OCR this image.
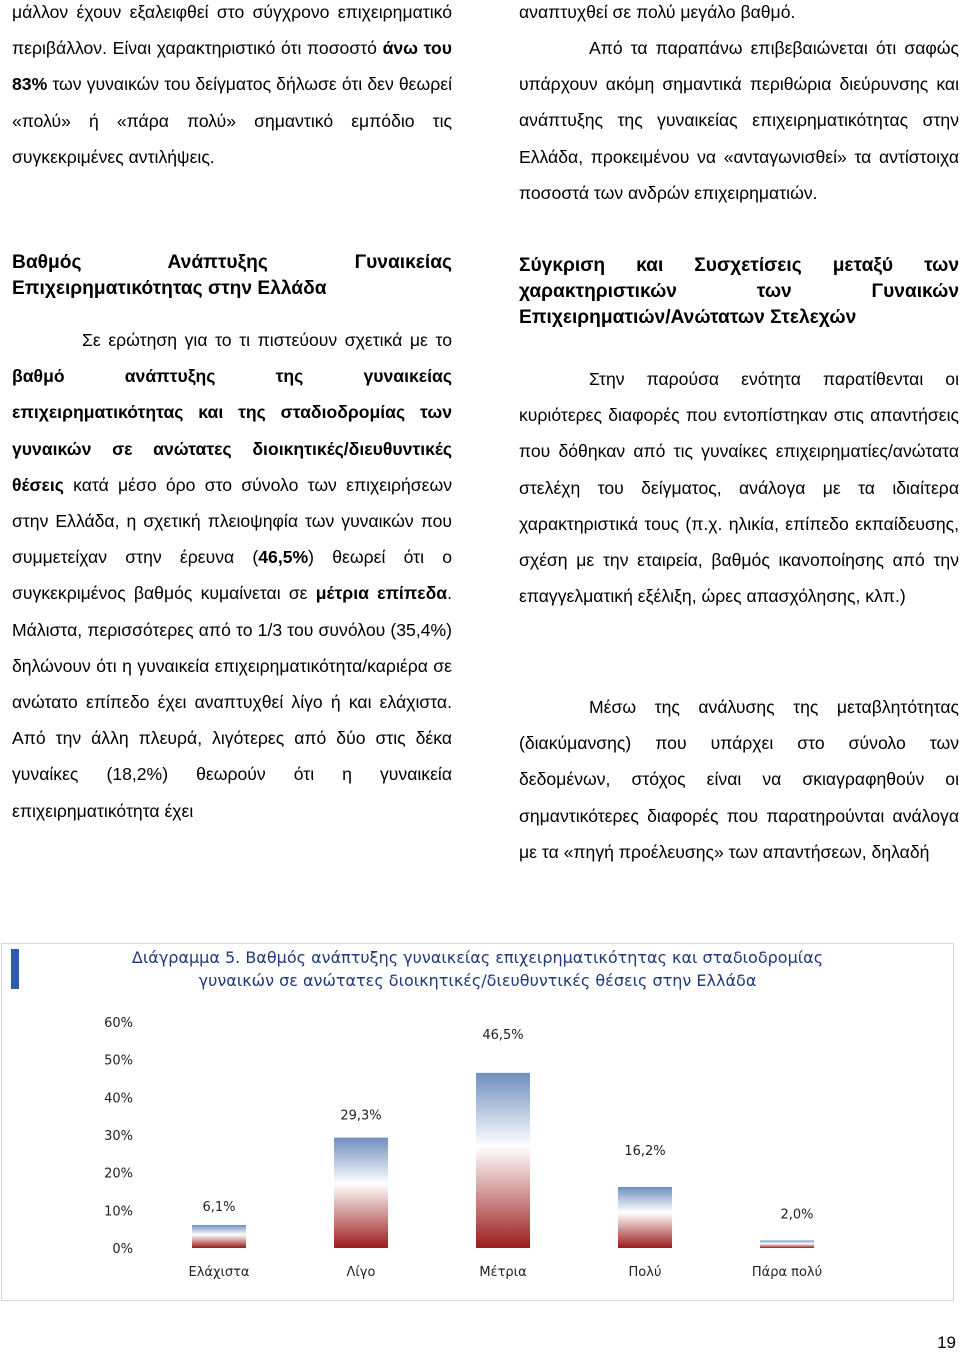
μάλλον έχουν εξαλειφθεί στο σύγχρονο επιχειρηματικό περιβάλλον. Είναι χαρακτηριστικό ότι ποσοστό άνω του 83% των γυναικών του δείγματος δήλωσε ότι δεν θεωρεί «πολύ» ή «πάρα πολύ» σημαντικό εμπόδιο τις συγκεκριμένες αντιλήψεις.

Βαθμός Ανάπτυξης Γυναικείας Επιχειρηματικότητας στην Ελλάδα

Σε ερώτηση για το τι πιστεύουν σχετικά με το βαθμό ανάπτυξης της γυναικείας επιχειρηματικότητας και της σταδιοδρομίας των γυναικών σε ανώτατες διοικητικές/διευθυντικές θέσεις κατά μέσο όρο στο σύνολο των επιχειρήσεων στην Ελλάδα, η σχετική πλειοψηφία των γυναικών που συμμετείχαν στην έρευνα (46,5%) θεωρεί ότι ο συγκεκριμένος βαθμός κυμαίνεται σε μέτρια επίπεδα. Μάλιστα, περισσότερες από το 1/3 του συνόλου (35,4%) δηλώνουν ότι η γυναικεία επιχειρηματικότητα/καριέρα σε ανώτατο επίπεδο έχει αναπτυχθεί λίγο ή και ελάχιστα. Από την άλλη πλευρά, λιγότερες από δύο στις δέκα γυναίκες (18,2%) θεωρούν ότι η γυναικεία επιχειρηματικότητα έχει

αναπτυχθεί σε πολύ μεγάλο βαθμό.

Από τα παραπάνω επιβεβαιώνεται ότι σαφώς υπάρχουν ακόμη σημαντικά περιθώρια διεύρυνσης και ανάπτυξης της γυναικείας επιχειρηματικότητας στην Ελλάδα, προκειμένου να «ανταγωνισθεί» τα αντίστοιχα ποσοστά των ανδρών επιχειρηματιών.

Σύγκριση και Συσχετίσεις μεταξύ των χαρακτηριστικών των Γυναικών Επιχειρηματιών/Ανώτατων Στελεχών

Στην παρούσα ενότητα παρατίθενται οι κυριότερες διαφορές που εντοπίστηκαν στις απαντήσεις που δόθηκαν από τις γυναίκες επιχειρηματίες/ανώτατα στελέχη του δείγματος, ανάλογα με τα ιδιαίτερα χαρακτηριστικά τους (π.χ. ηλικία, επίπεδο εκπαίδευσης, σχέση με την εταιρεία, βαθμός ικανοποίησης από την επαγγελματική εξέλιξη, ώρες απασχόλησης, κλπ.)

Μέσω της ανάλυσης της μεταβλητότητας (διακύμανσης) που υπάρχει στο σύνολο των δεδομένων, στόχος είναι να σκιαγραφηθούν οι σημαντικότερες διαφορές που παρατηρούνται ανάλογα με τα «πηγή προέλευσης» των απαντήσεων, δηλαδή

Διάγραμμα 5. Βαθμός ανάπτυξης γυναικείας επιχειρηματικότητας και σταδιοδρομίας
γυναικών σε ανώτατες διοικητικές/διευθυντικές θέσεις στην Ελλάδα
0%
10%
20%
30%
40%
50%
60%
6,1%
Ελάχιστα
29,3%
Λίγο
46,5%
Μέτρια
16,2%
Πολύ
2,0%
Πάρα πολύ
19
